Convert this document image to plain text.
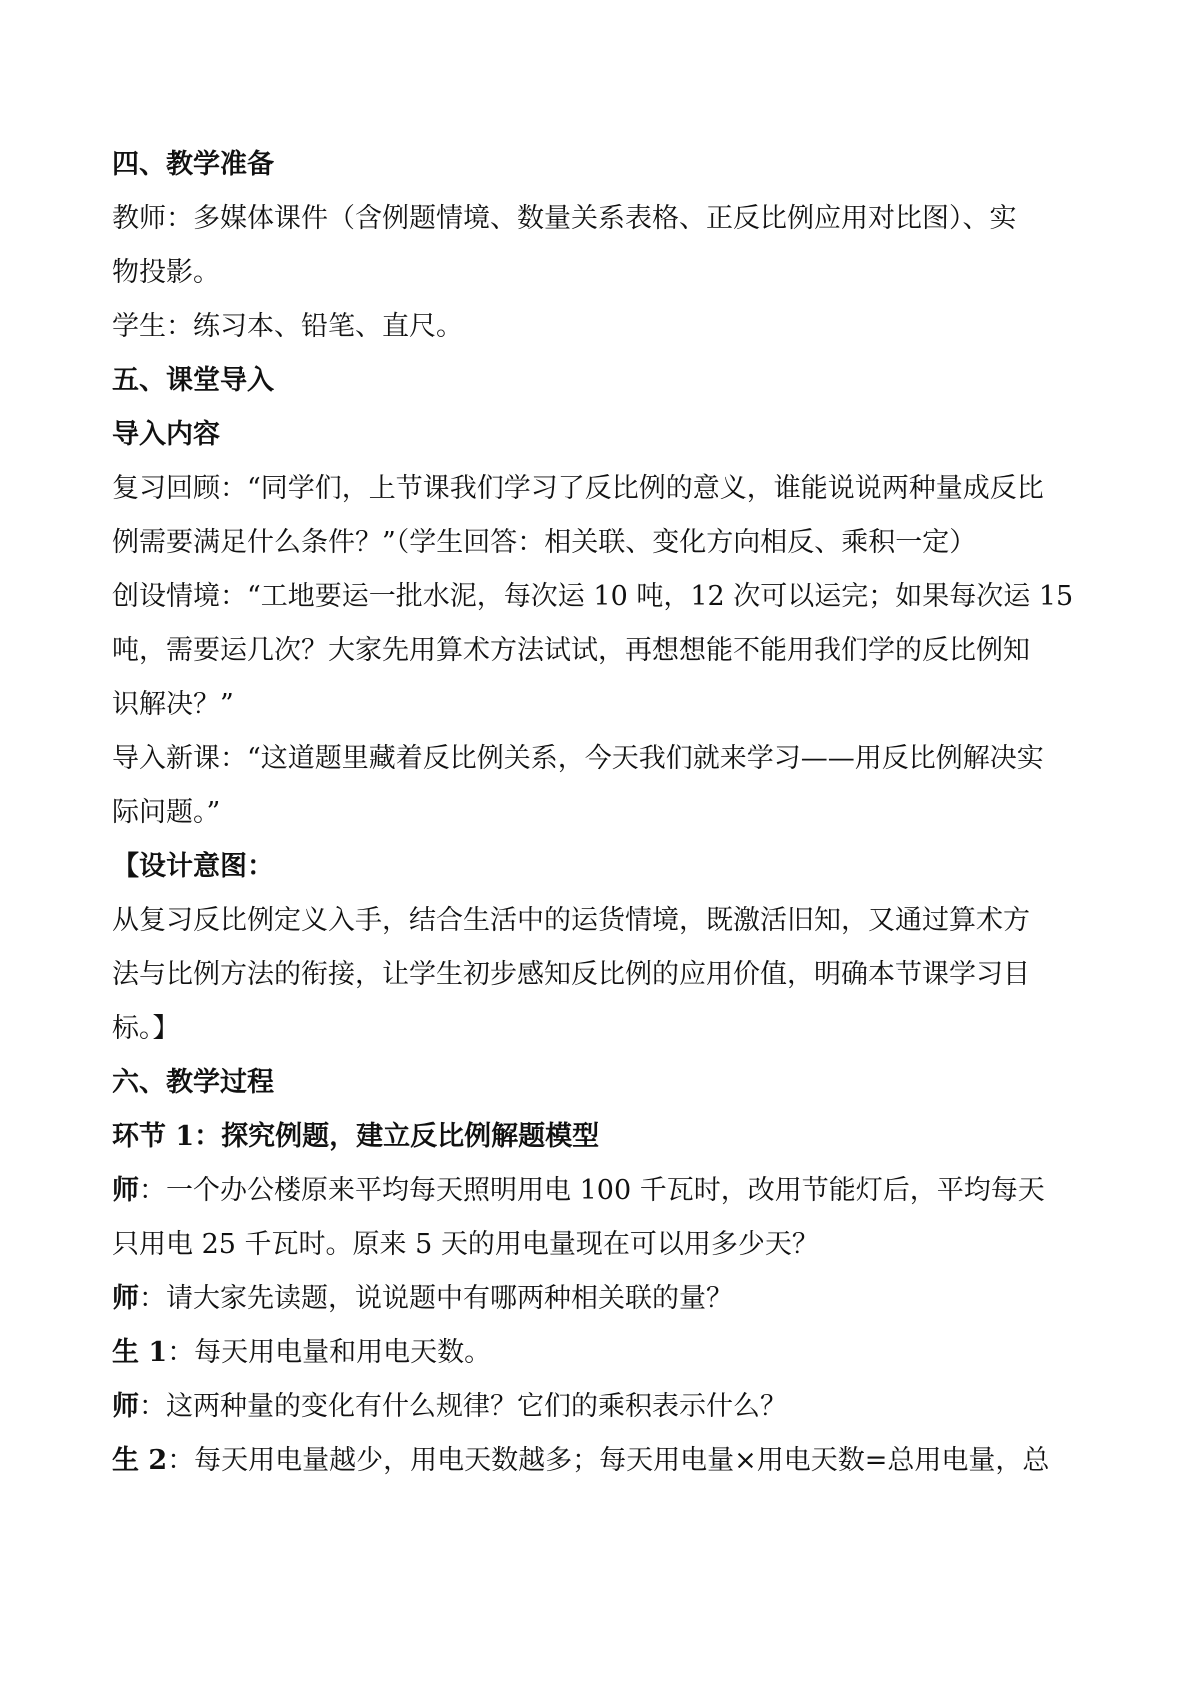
四、教学准备
教师：多媒体课件（含例题情境、数量关系表格、正反比例应用对比图）、实
物投影。
学生：练习本、铅笔、直尺。
五、课堂导入
导入内容
复习回顾：“同学们，上节课我们学习了反比例的意义，谁能说说两种量成反比
例需要满足什么条件？”（学生回答：相关联、变化方向相反、乘积一定）
创设情境：“工地要运一批水泥，每次运 10 吨，12 次可以运完；如果每次运 15
吨，需要运几次？大家先用算术方法试试，再想想能不能用我们学的反比例知
识解决？”
导入新课：“这道题里藏着反比例关系，今天我们就来学习——用反比例解决实
际问题。”
【设计意图：
从复习反比例定义入手，结合生活中的运货情境，既激活旧知，又通过算术方
法与比例方法的衔接，让学生初步感知反比例的应用价值，明确本节课学习目
标。】
六、教学过程
环节 1：探究例题，建立反比例解题模型
师：一个办公楼原来平均每天照明用电 100 千瓦时，改用节能灯后，平均每天
只用电 25 千瓦时。原来 5 天的用电量现在可以用多少天？
师：请大家先读题，说说题中有哪两种相关联的量？
生 1：每天用电量和用电天数。
师：这两种量的变化有什么规律？它们的乘积表示什么？
生 2：每天用电量越少，用电天数越多；每天用电量×用电天数=总用电量，总
